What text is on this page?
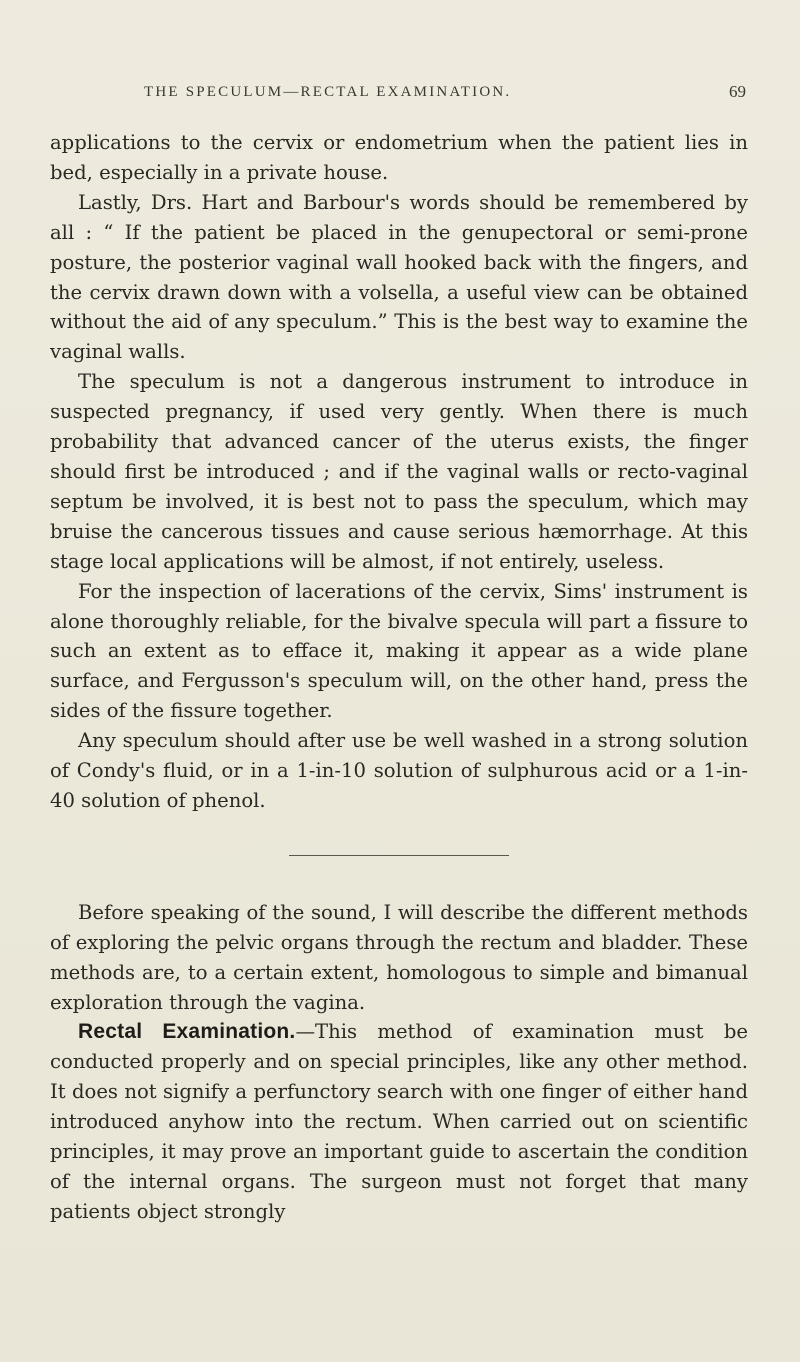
THE SPECULUM—RECTAL EXAMINATION.	69

applications to the cervix or endometrium when the patient lies in bed, especially in a private house.

Lastly, Drs. Hart and Barbour's words should be remembered by all : “ If the patient be placed in the genupectoral or semi-prone posture, the posterior vaginal wall hooked back with the fingers, and the cervix drawn down with a volsella, a useful view can be obtained without the aid of any speculum.” This is the best way to examine the vaginal walls.

The speculum is not a dangerous instrument to introduce in suspected pregnancy, if used very gently. When there is much probability that advanced cancer of the uterus exists, the finger should first be introduced ; and if the vaginal walls or recto-vaginal septum be involved, it is best not to pass the speculum, which may bruise the cancerous tissues and cause serious hæmorrhage. At this stage local applications will be almost, if not entirely, useless.

For the inspection of lacerations of the cervix, Sims' instrument is alone thoroughly reliable, for the bivalve specula will part a fissure to such an extent as to efface it, making it appear as a wide plane surface, and Fergusson's speculum will, on the other hand, press the sides of the fissure together.

Any speculum should after use be well washed in a strong solution of Condy's fluid, or in a 1-in-10 solution of sulphurous acid or a 1-in-40 solution of phenol.

Before speaking of the sound, I will describe the different methods of exploring the pelvic organs through the rectum and bladder. These methods are, to a certain extent, homologous to simple and bimanual exploration through the vagina.

Rectal Examination.—This method of examination must be conducted properly and on special principles, like any other method. It does not signify a perfunctory search with one finger of either hand introduced anyhow into the rectum. When carried out on scientific principles, it may prove an important guide to ascertain the condition of the internal organs. The surgeon must not forget that many patients object strongly
